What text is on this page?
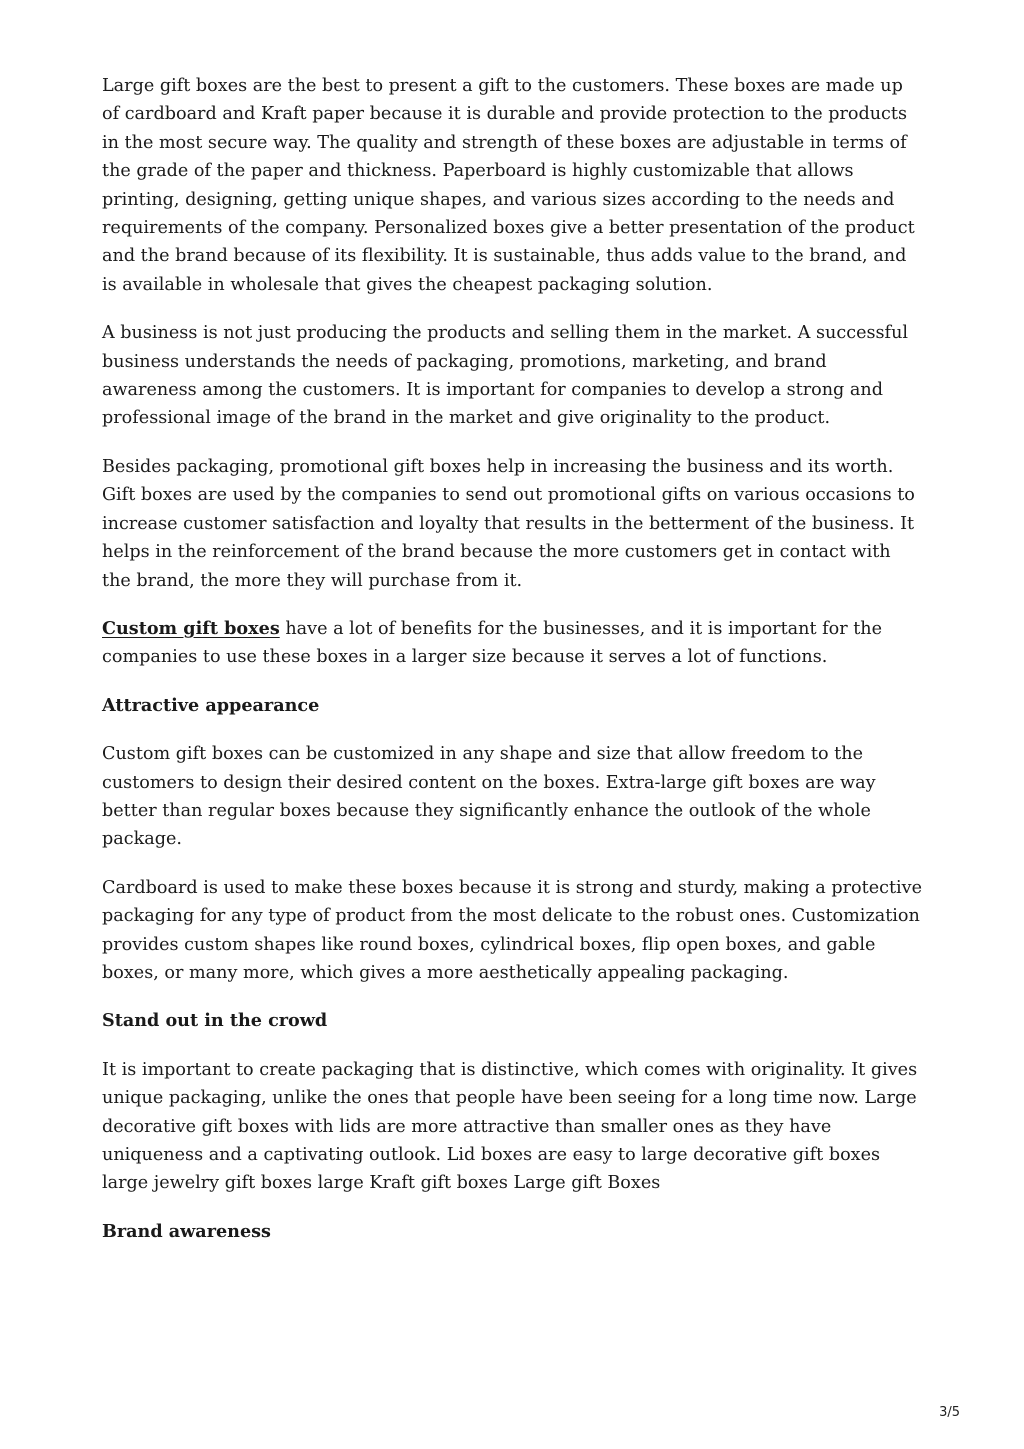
Large gift boxes are the best to present a gift to the customers. These boxes are made up of cardboard and Kraft paper because it is durable and provide protection to the products in the most secure way. The quality and strength of these boxes are adjustable in terms of the grade of the paper and thickness. Paperboard is highly customizable that allows printing, designing, getting unique shapes, and various sizes according to the needs and requirements of the company. Personalized boxes give a better presentation of the product and the brand because of its flexibility. It is sustainable, thus adds value to the brand, and is available in wholesale that gives the cheapest packaging solution.

A business is not just producing the products and selling them in the market. A successful business understands the needs of packaging, promotions, marketing, and brand awareness among the customers. It is important for companies to develop a strong and professional image of the brand in the market and give originality to the product.

Besides packaging, promotional gift boxes help in increasing the business and its worth. Gift boxes are used by the companies to send out promotional gifts on various occasions to increase customer satisfaction and loyalty that results in the betterment of the business. It helps in the reinforcement of the brand because the more customers get in contact with the brand, the more they will purchase from it.

Custom gift boxes have a lot of benefits for the businesses, and it is important for the companies to use these boxes in a larger size because it serves a lot of functions.

Attractive appearance

Custom gift boxes can be customized in any shape and size that allow freedom to the customers to design their desired content on the boxes. Extra-large gift boxes are way better than regular boxes because they significantly enhance the outlook of the whole package.

Cardboard is used to make these boxes because it is strong and sturdy, making a protective packaging for any type of product from the most delicate to the robust ones. Customization provides custom shapes like round boxes, cylindrical boxes, flip open boxes, and gable boxes, or many more, which gives a more aesthetically appealing packaging.

Stand out in the crowd

It is important to create packaging that is distinctive, which comes with originality. It gives unique packaging, unlike the ones that people have been seeing for a long time now. Large decorative gift boxes with lids are more attractive than smaller ones as they have uniqueness and a captivating outlook. Lid boxes are easy to large decorative gift boxes large jewelry gift boxes large Kraft gift boxes Large gift Boxes

Brand awareness
3/5
